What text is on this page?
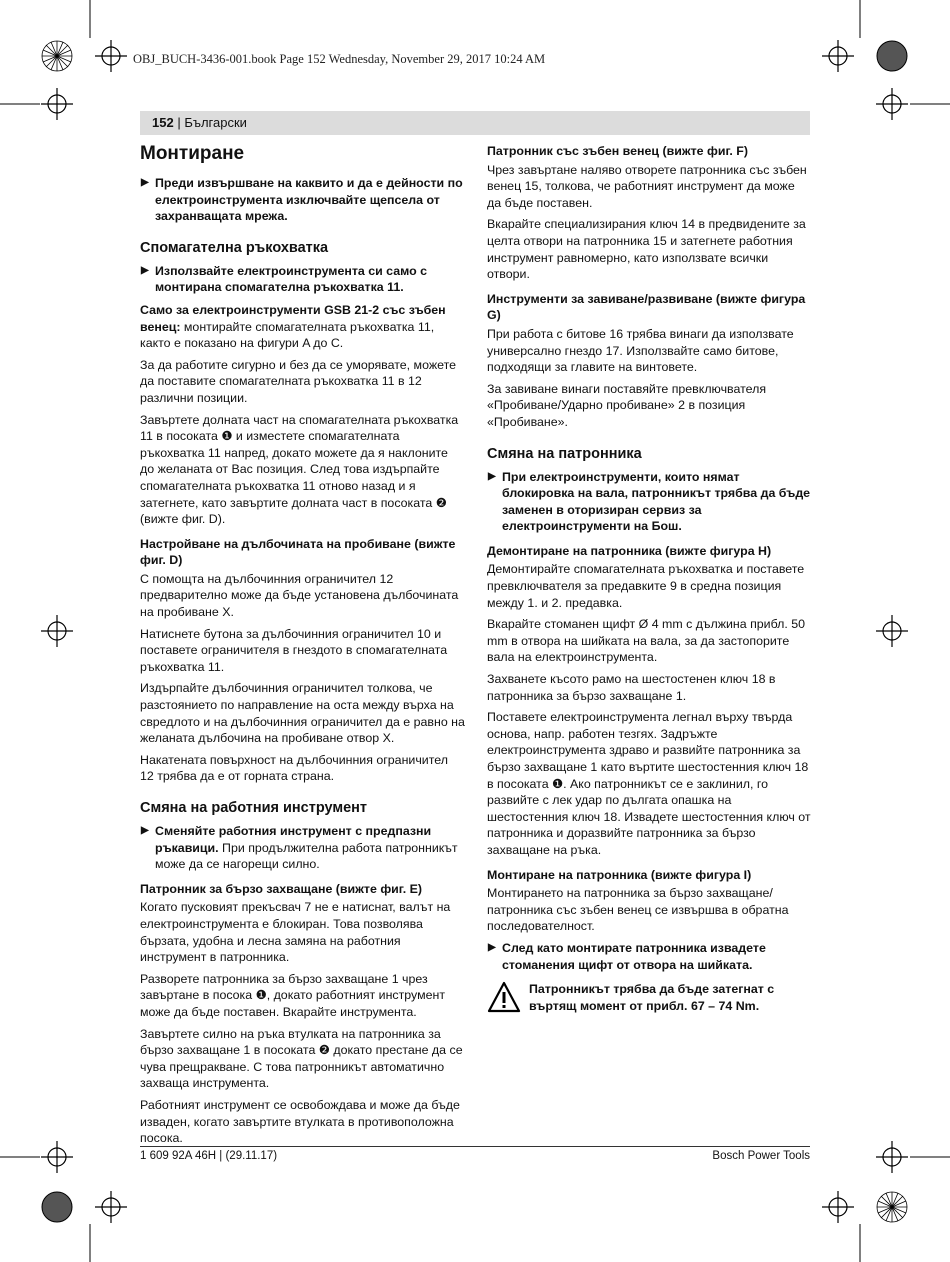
OBJ_BUCH-3436-001.book Page 152 Wednesday, November 29, 2017 10:24 AM
152 | Български
Монтиране
▶ Преди извършване на каквито и да е дейности по електроинструмента изключвайте щепсела от захранващата мрежа.
Спомагателна ръкохватка
▶ Използвайте електроинструмента си само с монтирана спомагателна ръкохватка 11.

Само за електроинструменти GSB 21-2 със зъбен венец: монтирайте спомагателната ръкохватка 11, както е показано на фигури A до C.

За да работите сигурно и без да се уморявате, можете да поставите спомагателната ръкохватка 11 в 12 различни позиции.

Завъртете долната част на спомагателната ръкохватка 11 в посоката ❶ и изместете спомагателната ръкохватка 11 напред, докато можете да я наклоните до желаната от Вас позиция. След това издърпайте спомагателната ръкохватка 11 отново назад и я затегнете, като завъртите долната част в посоката ❷ (вижте фиг. D).

Настройване на дълбочината на пробиване (вижте фиг. D)

С помощта на дълбочинния ограничител 12 предварително може да бъде установена дълбочината на пробиване X.

Натиснете бутона за дълбочинния ограничител 10 и поставете ограничителя в гнездото в спомагателната ръкохватка 11.

Издърпайте дълбочинния ограничител толкова, че разстоянието по направление на оста между върха на свредлото и на дълбочинния ограничител да е равно на желаната дълбочина на пробиване отвор X.

Накатената повърхност на дълбочинния ограничител 12 трябва да е от горната страна.

Смяна на работния инструмент
▶ Сменяйте работния инструмент с предпазни ръкавици. При продължителна работа патронникът може да се нагорещи силно.
Патронник за бързо захващане (вижте фиг. E)

Когато пусковият прекъсвач 7 не е натиснат, валът на електроинструмента е блокиран. Това позволява бързата, удобна и лесна замяна на работния инструмент в патронника.

Разворете патронника за бързо захващане 1 чрез завъртане в посока ❶, докато работният инструмент може да бъде поставен. Вкарайте инструмента.

Завъртете силно на ръка втулката на патронника за бързо захващане 1 в посоката ❷ докато престане да се чува прещракване. С това патронникът автоматично захваща инструмента.

Работният инструмент се освобождава и може да бъде изваден, когато завъртите втулката в противоположна посока.

Патронник със зъбен венец (вижте фиг. F)

Чрез завъртане наляво отворете патронника със зъбен венец 15, толкова, че работният инструмент да може да бъде поставен.

Вкарайте специализирания ключ 14 в предвидените за целта отвори на патронника 15 и затегнете работния инструмент равномерно, като използвате всички отвори.

Инструменти за завиване/развиване (вижте фигура G)

При работа с битове 16 трябва винаги да използвате универсално гнездо 17. Използвайте само битове, подходящи за главите на винтовете.

За завиване винаги поставяйте превключвателя «Пробиване/Ударно пробиване» 2 в позиция «Пробиване».

Смяна на патронника
▶ При електроинструменти, които нямат блокировка на вала, патронникът трябва да бъде заменен в оторизиран сервиз за електроинструменти на Бош.
Демонтиране на патронника (вижте фигура H)

Демонтирайте спомагателната ръкохватка и поставете превключвателя за предавките 9 в средна позиция между 1. и 2. предавка.

Вкарайте стоманен щифт Ø 4 mm с дължина прибл. 50 mm в отвора на шийката на вала, за да застопорите вала на електроинструмента.

Захванете късото рамо на шестостенен ключ 18 в патронника за бързо захващане 1.

Поставете електроинструмента легнал върху твърда основа, напр. работен тезгях. Задръжте електроинструмента здраво и развийте патронника за бързо захващане 1 като въртите шестостенния ключ 18 в посоката ❶. Ако патронникът се е заклинил, го развийте с лек удар по дългата опашка на шестостенния ключ 18. Извадете шестостенния ключ от патронника и доразвийте патронника за бързо захващане на ръка.

Монтиране на патронника (вижте фигура I)

Монтирането на патронника за бързо захващане/патронника със зъбен венец се извършва в обратна последователност.

▶ След като монтирате патронника извадете стоманения щифт от отвора на шийката.
Патронникът трябва да бъде затегнат с въртящ момент от прибл. 67 – 74 Nm.
1 609 92A 46H | (29.11.17)	Bosch Power Tools
